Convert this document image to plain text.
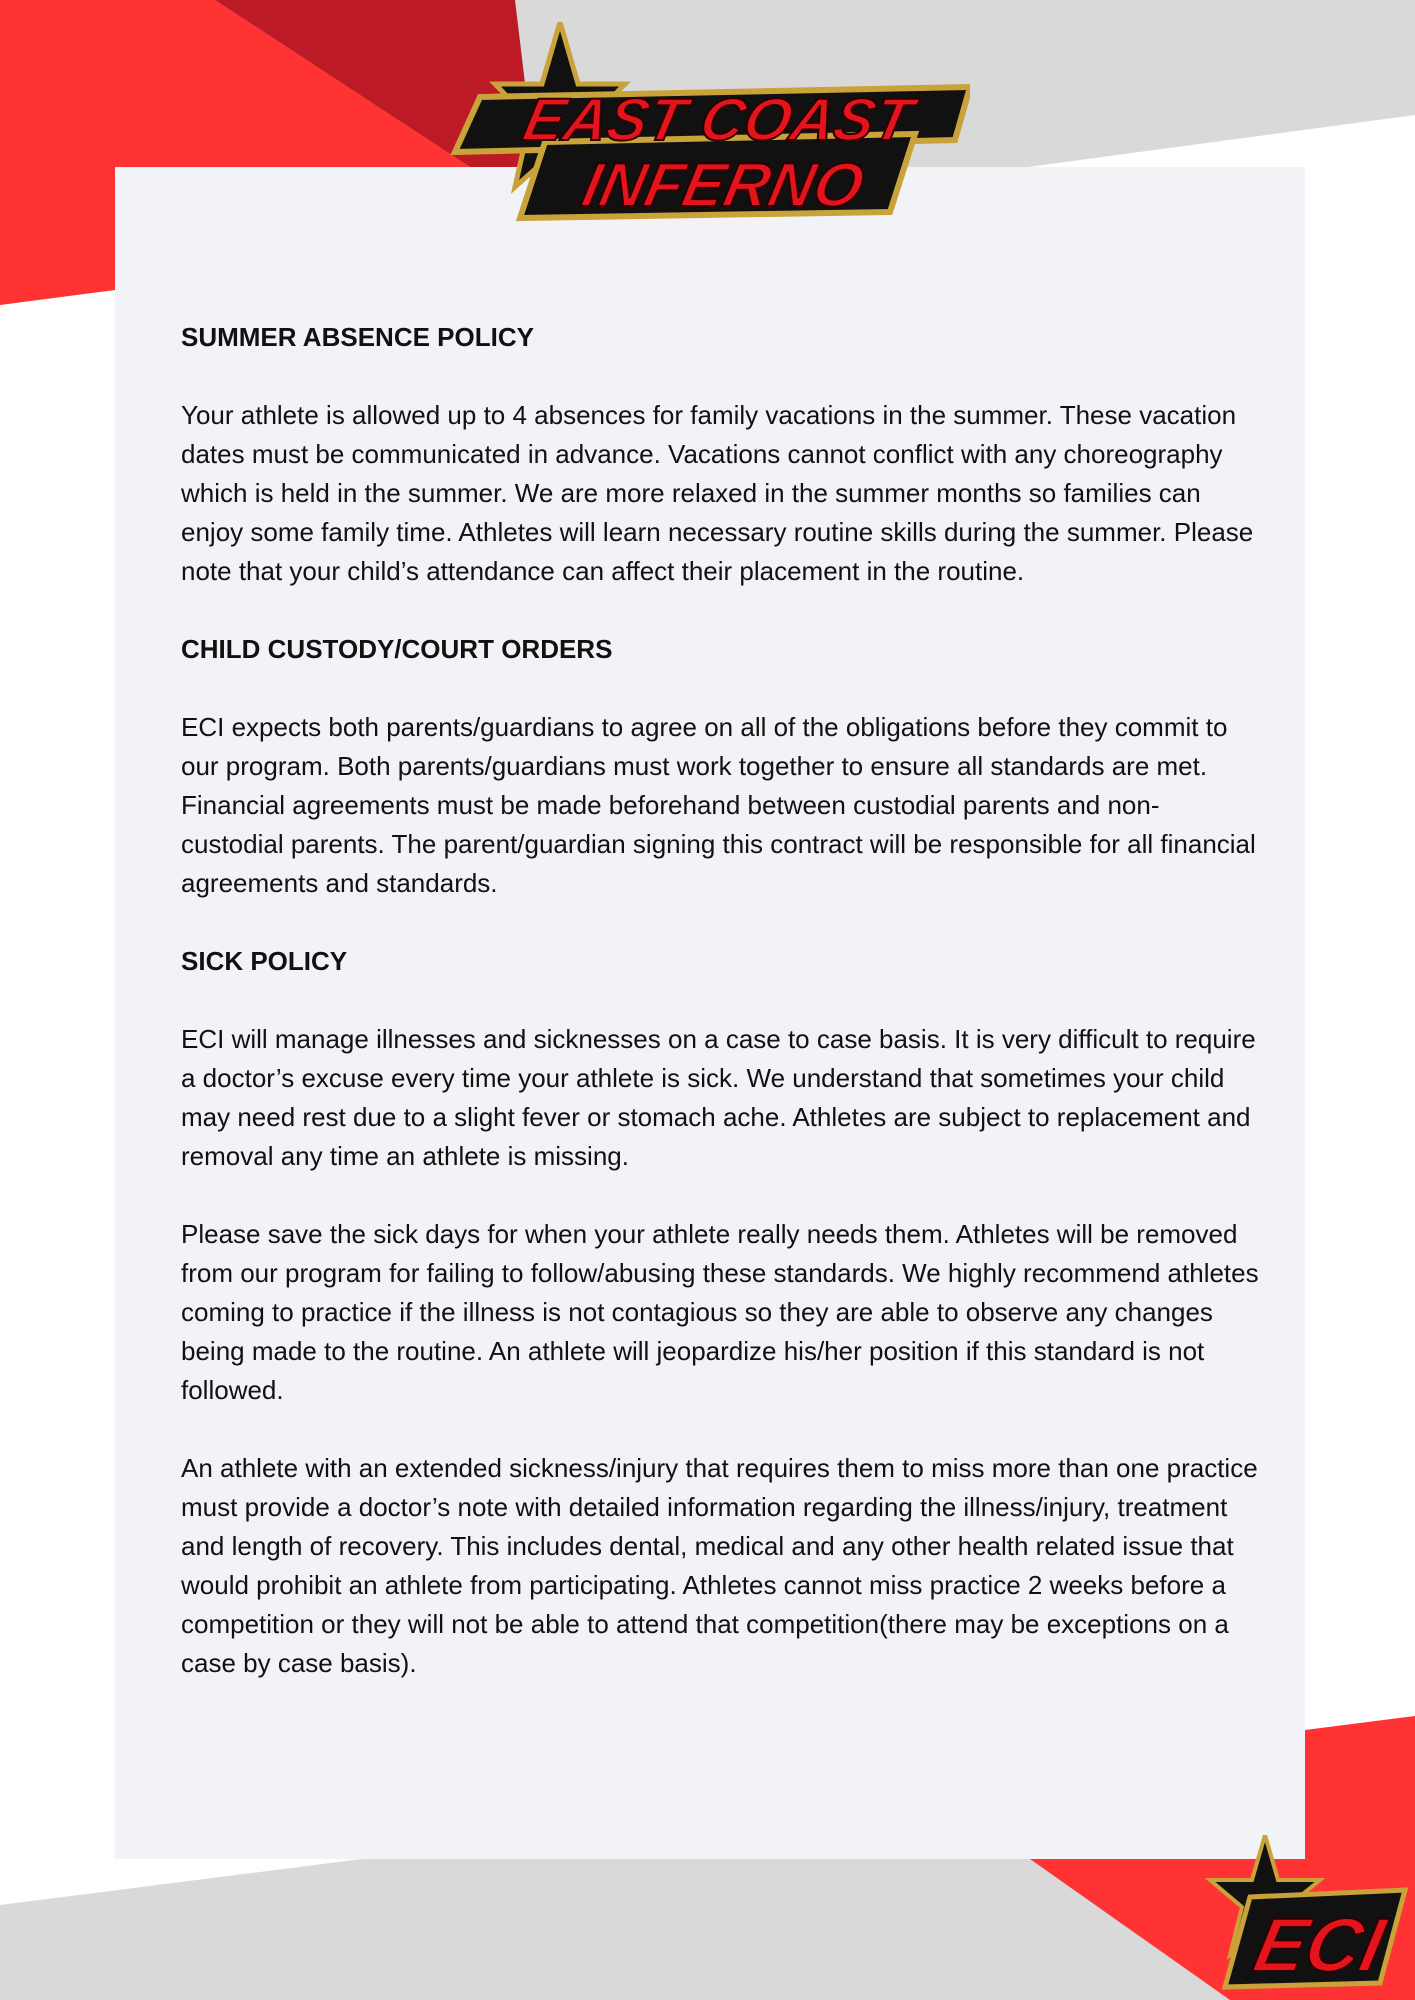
EAST COAST
INFERNO
SUMMER ABSENCE POLICY

Your athlete is allowed up to 4 absences for family vacations in the summer. These vacation dates must be communicated in advance. Vacations cannot conflict with any choreography which is held in the summer. We are more relaxed in the summer months so families can enjoy some family time. Athletes will learn necessary routine skills during the summer. Please note that your child’s attendance can affect their placement in the routine.

CHILD CUSTODY/COURT ORDERS

ECI expects both parents/guardians to agree on all of the obligations before they commit to our program. Both parents/guardians must work together to ensure all standards are met. Financial agreements must be made beforehand between custodial parents and non-custodial parents. The parent/guardian signing this contract will be responsible for all financial agreements and standards.

SICK POLICY

ECI will manage illnesses and sicknesses on a case to case basis. It is very difficult to require a doctor’s excuse every time your athlete is sick. We understand that sometimes your child may need rest due to a slight fever or stomach ache. Athletes are subject to replacement and removal any time an athlete is missing.

Please save the sick days for when your athlete really needs them. Athletes will be removed from our program for failing to follow/abusing these standards. We highly recommend athletes coming to practice if the illness is not contagious so they are able to observe any changes being made to the routine. An athlete will jeopardize his/her position if this standard is not followed.

An athlete with an extended sickness/injury that requires them to miss more than one practice must provide a doctor’s note with detailed information regarding the illness/injury, treatment and length of recovery. This includes dental, medical and any other health related issue that would prohibit an athlete from participating. Athletes cannot miss practice 2 weeks before a competition or they will not be able to attend that competition(there may be exceptions on a case by case basis).

ECI
